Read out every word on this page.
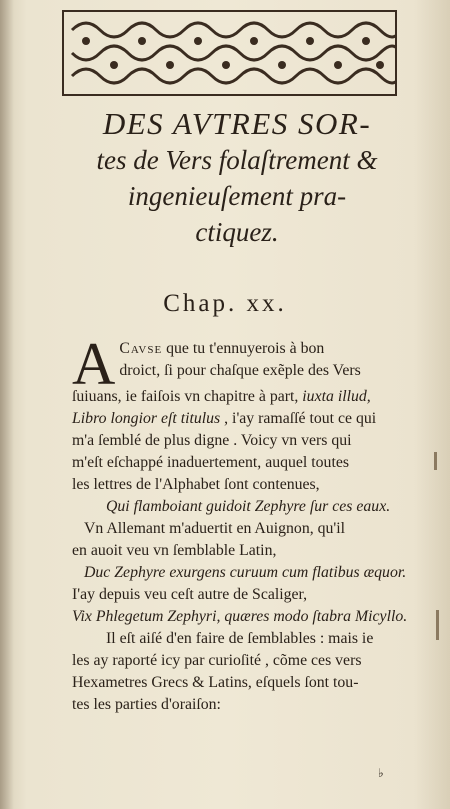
DES AVTRES SOR-
tes de Vers folaſtrement &
ingenieuſement pra-
ctiquez.
Chap. xx.
A Cavse que tu t'ennuyerois à bon
droict, ſi pour chaſque exẽple des Vers
ſuiuans, ie faiſois vn chapitre à part, iuxta illud,
Libro longior eſt titulus , i'ay ramaſſé tout ce qui
m'a ſemblé de plus digne . Voicy vn vers qui
m'eſt eſchappé inaduertement, auquel toutes
les lettres de l'Alphabet ſont contenues,
Qui flamboiant guidoit Zephyre ſur ces eaux.
Vn Allemant m'aduertit en Auignon, qu'il
en auoit veu vn ſemblable Latin,
Duc Zephyre exurgens curuum cum flatibus æquor.
I'ay depuis veu ceſt autre de Scaliger,
Vix Phlegetum Zephyri, quæres modo ſtabra Micyllo.
Il eſt aiſé d'en faire de ſemblables : mais ie
les ay raporté icy par curioſité , cõme ces vers
Hexametres Grecs & Latins, eſquels ſont tou-
tes les parties d'oraiſon:
♭
